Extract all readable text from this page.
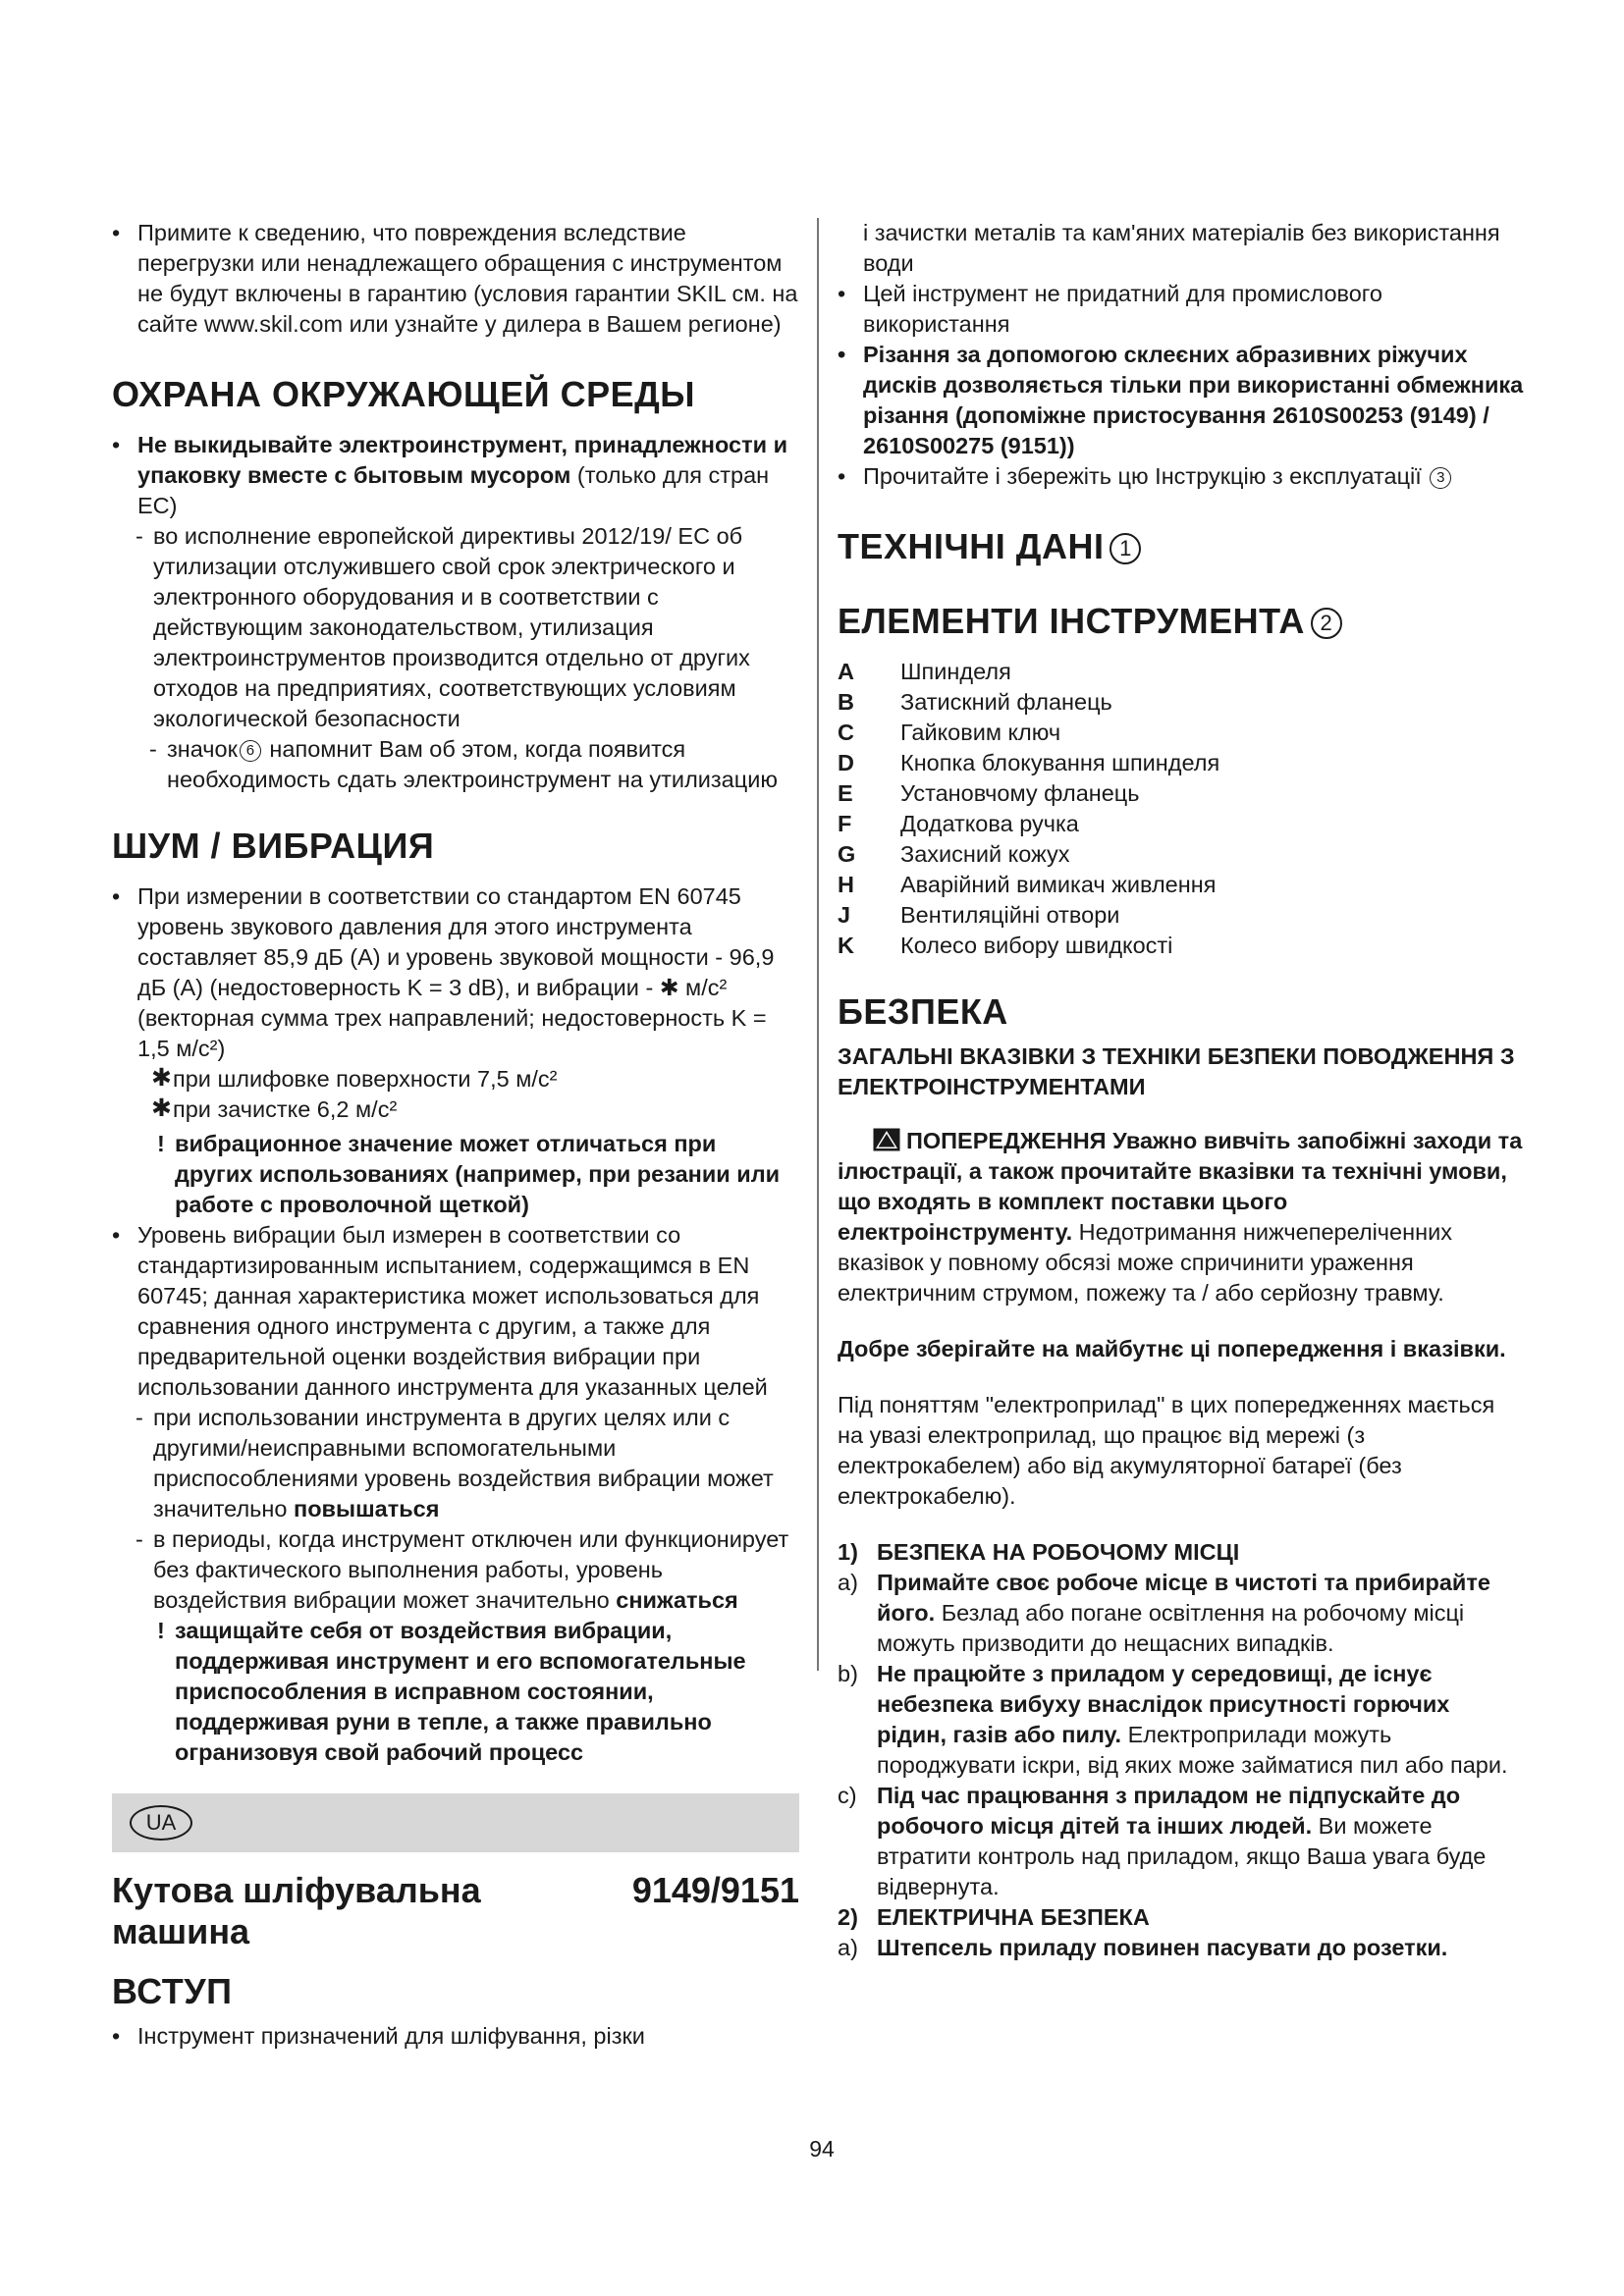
• Примите к сведению, что повреждения вследствие перегрузки или ненадлежащего обращения с инструментом не будут включены в гарантию (условия гарантии SKIL см. на сайте www.skil.com или узнайте у дилера в Вашем регионе)
ОХРАНА ОКРУЖАЮЩЕЙ СРЕДЫ
• Не выкидывайте электроинструмент, принадлежности и упаковку вместе с бытовым мусором (только для стран ЕС)
- во исполнение европейской директивы 2012/19/ ЕС об утилизации отслужившего свой срок электрического и электронного оборудования и в соответствии с действующим законодательством, утилизация электроинструментов производится отдельно от других отходов на предприятиях, соответствующих условиям экологической безопасности
- значок 6 напомнит Вам об этом, когда появится необходимость сдать электроинструмент на утилизацию
ШУМ / ВИБРАЦИЯ
• При измерении в соответствии со стандартом EN 60745 уровень звукового давления для этого инструмента составляет 85,9 дБ (A) и уровень звуковой мощности - 96,9 дБ (A) (недостоверность K = 3 dB), и вибрации - ✱ м/с² (векторная сумма трех направлений; недостоверность K = 1,5 м/с²)
✱ при шлифовке поверхности 7,5 м/с²
✱ при зачистке 6,2 м/с²
! вибрационное значение может отличаться при других использованиях (например, при резании или работе с проволочной щеткой)
• Уровень вибрации был измерен в соответствии со стандартизированным испытанием, содержащимся в EN 60745; данная характеристика может использоваться для сравнения одного инструмента с другим, а также для предварительной оценки воздействия вибрации при использовании данного инструмента для указанных целей
- при использовании инструмента в других целях или с другими/неисправными вспомогательными приспособлениями уровень воздействия вибрации может значительно повышаться
- в периоды, когда инструмент отключен или функционирует без фактического выполнения работы, уровень воздействия вибрации может значительно снижаться
! защищайте себя от воздействия вибрации, поддерживая инструмент и его вспомогательные приспособления в исправном состоянии, поддерживая руни в тепле, а также правильно огранизовуя свой рабочий процесс
UA
Кутова шліфувальна
машина
9149/9151
ВСТУП
• Інструмент призначений для шліфування, різки
і зачистки металів та кам'яних матеріалів без використання води
• Цей інструмент не придатний для промислового використання
• Різання за допомогою склеєних абразивних ріжучих дисків дозволяється тільки при використанні обмежника різання (допоміжне пристосування 2610S00253 (9149) / 2610S00275 (9151))
• Прочитайте і збережіть цю Інструкцію з експлуатації 3
ТЕХНІЧНІ ДАНІ 1
ЕЛЕМЕНТИ ІНСТРУМЕНТА 2
A	Шпинделя
B	Затискний фланець
C	Гайковим ключ
D	Кнопка блокування шпинделя
E	Установчому фланець
F	Додаткова ручка
G	Захисний кожух
H	Аварійний вимикач живлення
J	Вентиляційні отвори
K	Колесо вибору швидкості
БЕЗПЕКА
ЗАГАЛЬНІ ВКАЗІВКИ З ТЕХНІКИ БЕЗПЕКИ ПОВОДЖЕННЯ З ЕЛЕКТРОІНСТРУМЕНТАМИ
ПОПЕРЕДЖЕННЯ Уважно вивчіть запобіжні заходи та ілюстрації, а також прочитайте вказівки та технічні умови, що входять в комплект поставки цього електроінструменту. Недотримання нижчепереліченних вказівок у повному обсязі може спричинити ураження електричним струмом, пожежу та / або серйозну травму.
Добре зберігайте на майбутнє ці попередження і вказівки.
Під поняттям "електроприлад" в цих попередженнях мається на увазі електроприлад, що працює від мережі (з електрокабелем) або від акумуляторної батареї (без електрокабелю).
1) БЕЗПЕКА НА РОБОЧОМУ МІСЦІ
a) Примайте своє робоче місце в чистоті та прибирайте його. Безлад або погане освітлення на робочому місці можуть призводити до нещасних випадків.
b) Не працюйте з приладом у середовищі, де існує небезпека вибуху внаслідок присутності горючих рідин, газів або пилу. Електроприлади можуть породжувати іскри, від яких може займатися пил або пари.
c) Під час працювання з приладом не підпускайте до робочого місця дітей та інших людей. Ви можете втратити контроль над приладом, якщо Ваша увага буде відвернута.
2) ЕЛЕКТРИЧНА БЕЗПЕКА
a) Штепсель приладу повинен пасувати до розетки.
94
